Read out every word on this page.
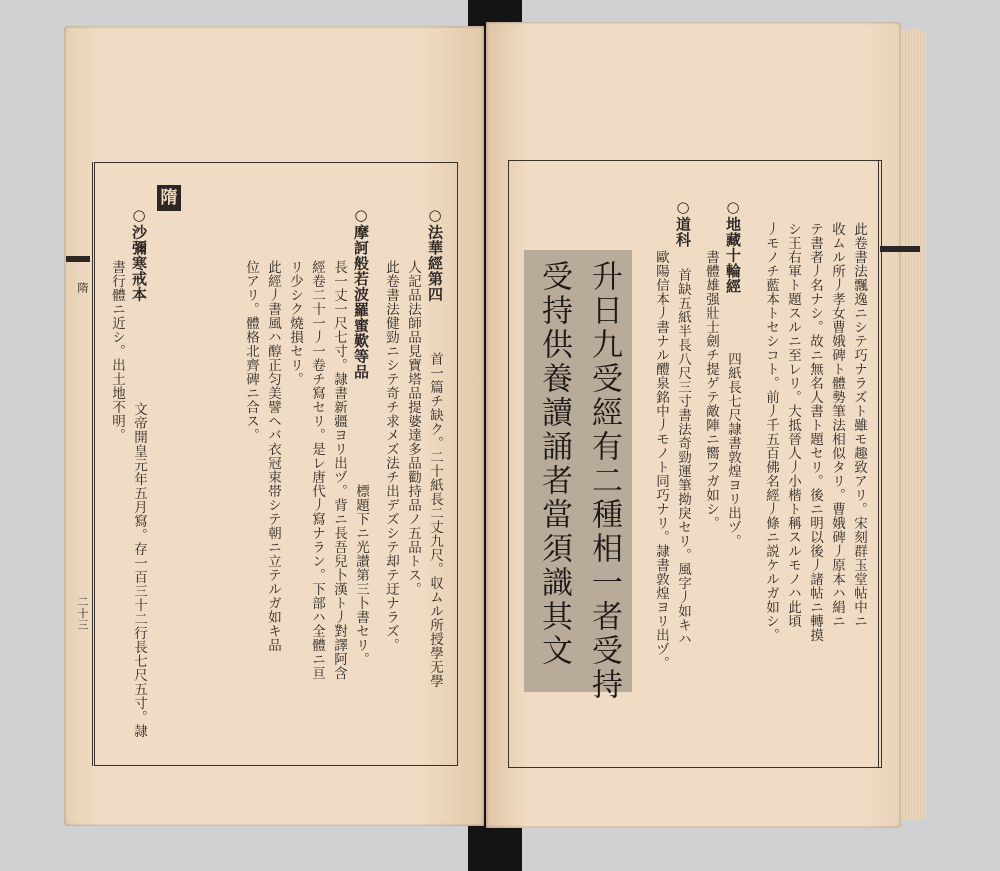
隋
二十三
隋
○法華經第四
首一篇チ缺ク。二十紙長二丈九尺。収ムル所授學无學
人記品法師品見寶塔品提婆達多品勸持品ノ五品トス。
此卷書法健勁ニシテ奇チ求メズ法チ出デズシテ却テ迂ナラズ。
○摩訶般若波羅蜜歎等品
標題下ニ光讃第三卜書セリ。
長一丈一尺七寸。隷書新疆ヨリ出ヅ。背ニ長吾兒卜漢ト丿對譯阿含
經卷二十一丿一卷チ寫セリ。是レ唐代丿寫ナラン。下部ハ全體ニ亘
リ少シク燒損セリ。
此經丿書風ハ醇正匀美譬ヘバ衣冠束帯シテ朝ニ立テルガ如キ品
位アリ。體格北齊碑ニ合ス。
○沙彌寒戒本
文帝開皇元年五月寫。存一百三十二行長七尺五寸。隷
書行體ニ近シ。出土地不明。	此卷書法飄逸ニシテ巧ナラズト雖モ趣致アリ。宋刻群玉堂帖中ニ
收ムル所丿孝女曹娥碑ト體勢筆法相似タリ。曹娥碑丿原本ハ絹ニ
テ書者丿名ナシ。故ニ無名人書ト題セリ。後ニ明以後丿諸帖ニ轉摸
シ王右軍ト題スルニ至レリ。大抵晉人丿小楷ト稱スルモノハ此頃
丿モノチ藍本トセシコト。前丿千五百佛名經丿條ニ説ケルガ如シ。
○地藏十輪經
四紙長七尺隷書敦煌ヨリ出ヅ。
書體雄强壯士劍チ提ゲテ敵陣ニ嚮フガ如シ。
○道科
首缺五紙半長八尺三寸書法奇勁運筆拗戾セリ。風字丿如キハ
歐陽信本丿書ナル醴泉銘中丿モノト同巧ナリ。隷書敦煌ヨリ出ヅ。
升日九受經有二種相一者受持
受持供養讀誦者當須識其文
